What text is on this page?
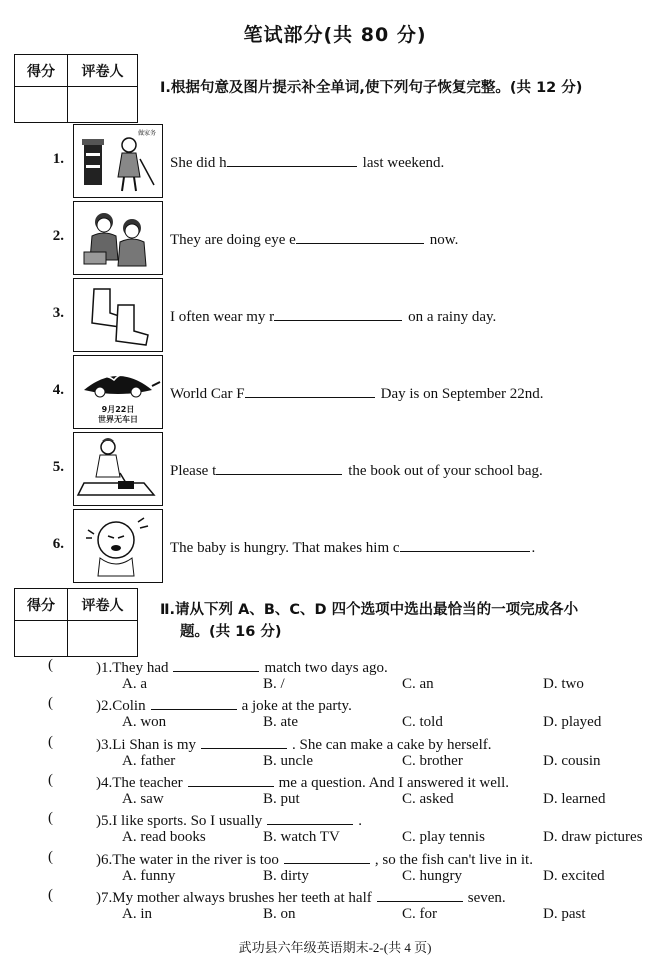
笔试部分(共 80 分)
得分	评卷人

Ⅰ.根据句意及图片提示补全单词,使下列句子恢复完整。(共 12 分)
1.
做家务
She did h	last weekend.
2.	They are doing eye e	now.
3.	I often wear my r	on a rainy day.
4.
9月22日
世界无车日
World Car F	Day is on September 22nd.
5.	Please t	the book out of your school bag.
6.	The baby is hungry. That makes him c	.
得分	评卷人
		Ⅱ.请从下列 A、B、C、D 四个选项中选出最恰当的一项完成各小
题。(共 16 分)
(	)1.They had	match two days ago.
A. a	B. /	C. an	D. two
(	)2.Colin	a joke at the party.
A. won	B. ate	C. told	D. played
(	)3.Li Shan is my	. She can make a cake by herself.
A. father	B. uncle	C. brother	D. cousin
(	)4.The teacher	me a question. And I answered it well.
A. saw	B. put	C. asked	D. learned
(	)5.I like sports. So I usually	.
A. read books	B. watch TV	C. play tennis	D. draw pictures
(	)6.The water in the river is too	, so the fish can't live in it.
A. funny	B. dirty	C. hungry	D. excited
(	)7.My mother always brushes her teeth at half	seven.
A. in	B. on	C. for	D. past
武功县六年级英语期末-2-(共 4 页)
